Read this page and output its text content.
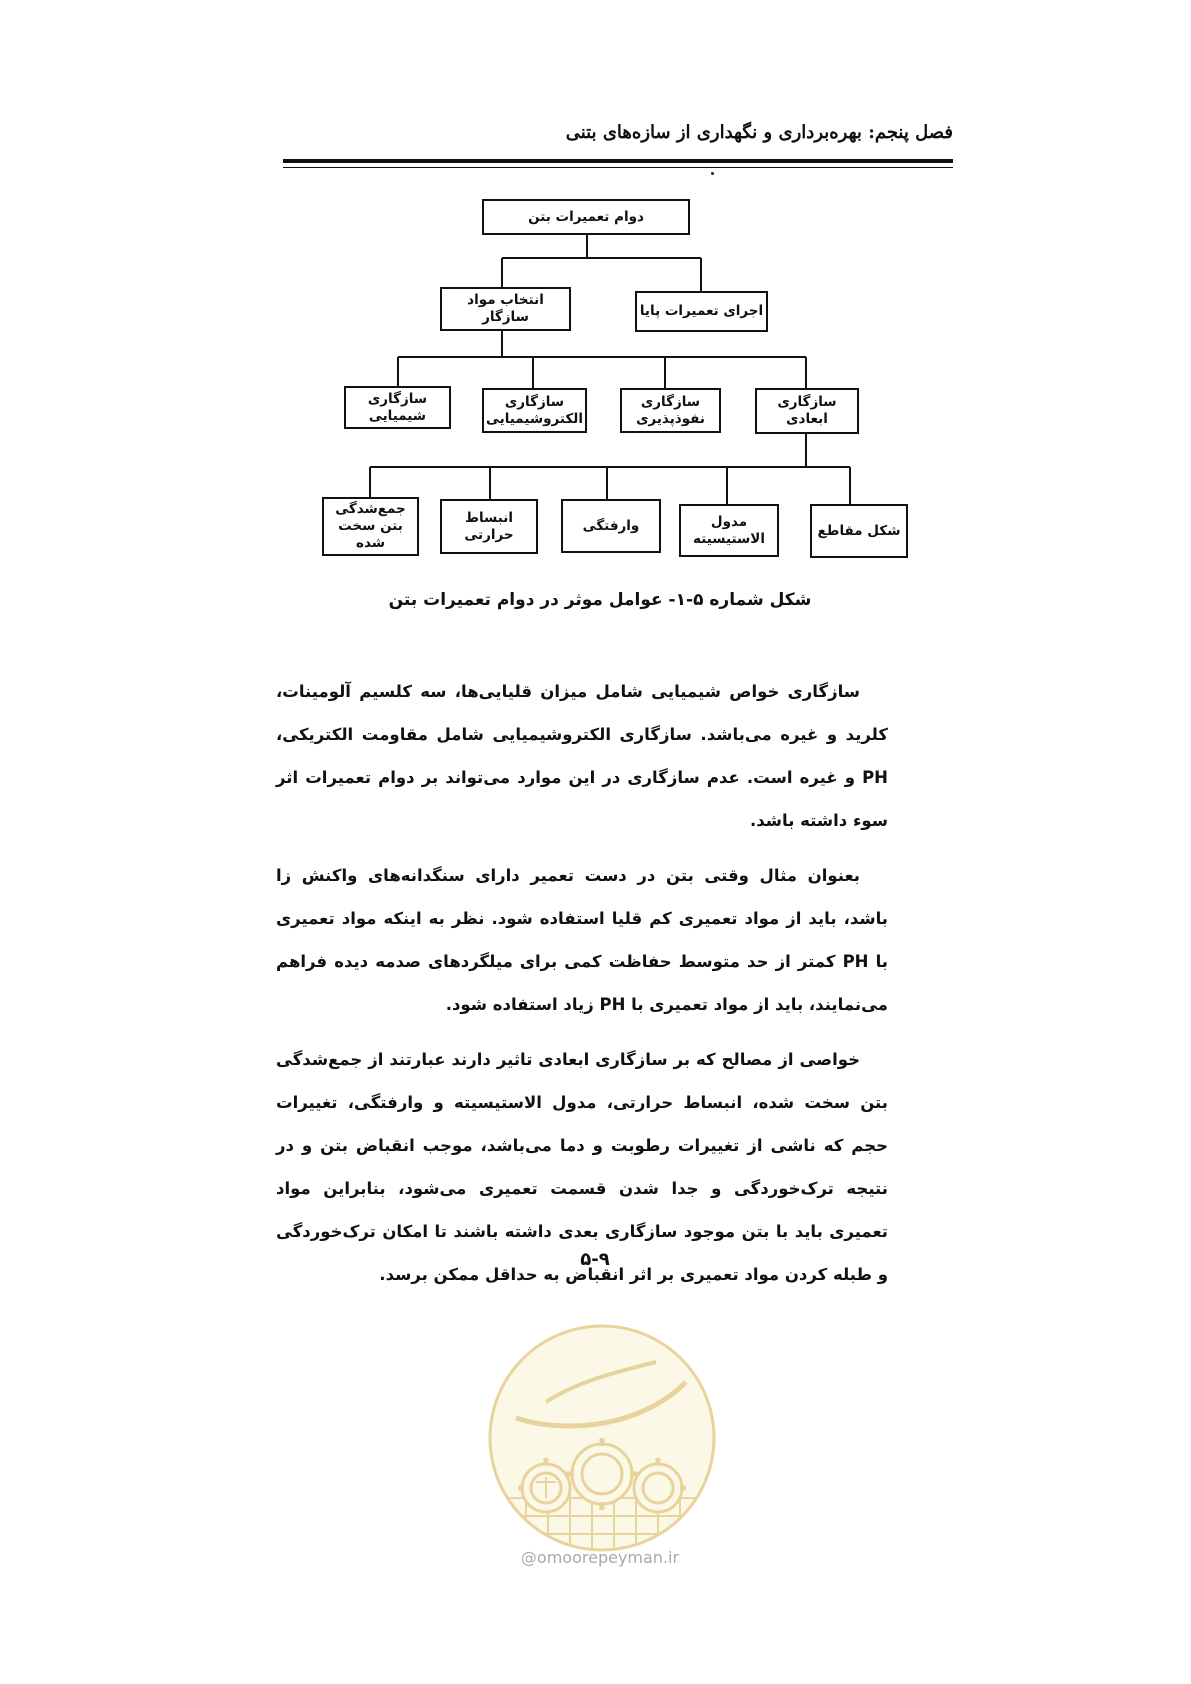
فصل پنجم: بهره‌برداری و نگهداری از سازه‌های بتنی
دوام تعمیرات بتن
اجرای تعمیرات پایا
انتخاب مواد سازگار
سازگاری ابعادی
سازگاری
نفوذپذیری
سازگاری
الکتروشیمیایی
سازگاری شیمیایی
شکل مقاطع
مدول الاستیسیته
وارفتگی
انبساط حرارتی
جمع‌شدگی
بتن سخت شده
شکل شماره ۵-۱- عوامل موثر در دوام تعمیرات بتن

سازگاری خواص شیمیایی شامل میزان قلیایی‌ها، سه کلسیم آلومینات، کلرید و غیره می‌باشد. سازگاری الکتروشیمیایی شامل مقاومت الکتریکی، PH و غیره است. عدم سازگاری در این موارد می‌تواند بر دوام تعمیرات اثر سوء داشته باشد.

بعنوان مثال وقتی بتن در دست تعمیر دارای سنگدانه‌های واکنش زا باشد، باید از مواد تعمیری کم قلیا استفاده شود. نظر به اینکه مواد تعمیری با PH کمتر از حد متوسط حفاظت کمی برای میلگردهای صدمه دیده فراهم می‌نمایند، باید از مواد تعمیری با PH زیاد استفاده شود.

خواصی از مصالح که بر سازگاری ابعادی تاثیر دارند عبارتند از جمع‌شدگی بتن سخت شده، انبساط حرارتی، مدول الاستیسیته و وارفتگی، تغییرات حجم که ناشی از تغییرات رطوبت و دما می‌باشد، موجب انقباض بتن و در نتیجه ترک‌خوردگی و جدا شدن قسمت تعمیری می‌شود، بنابراین مواد تعمیری باید با بتن موجود سازگاری بعدی داشته باشند تا امکان ترک‌خوردگی و طبله کردن مواد تعمیری بر اثر انقباض به حداقل ممکن برسد.

۵-۹
@omoorepeyman.ir
